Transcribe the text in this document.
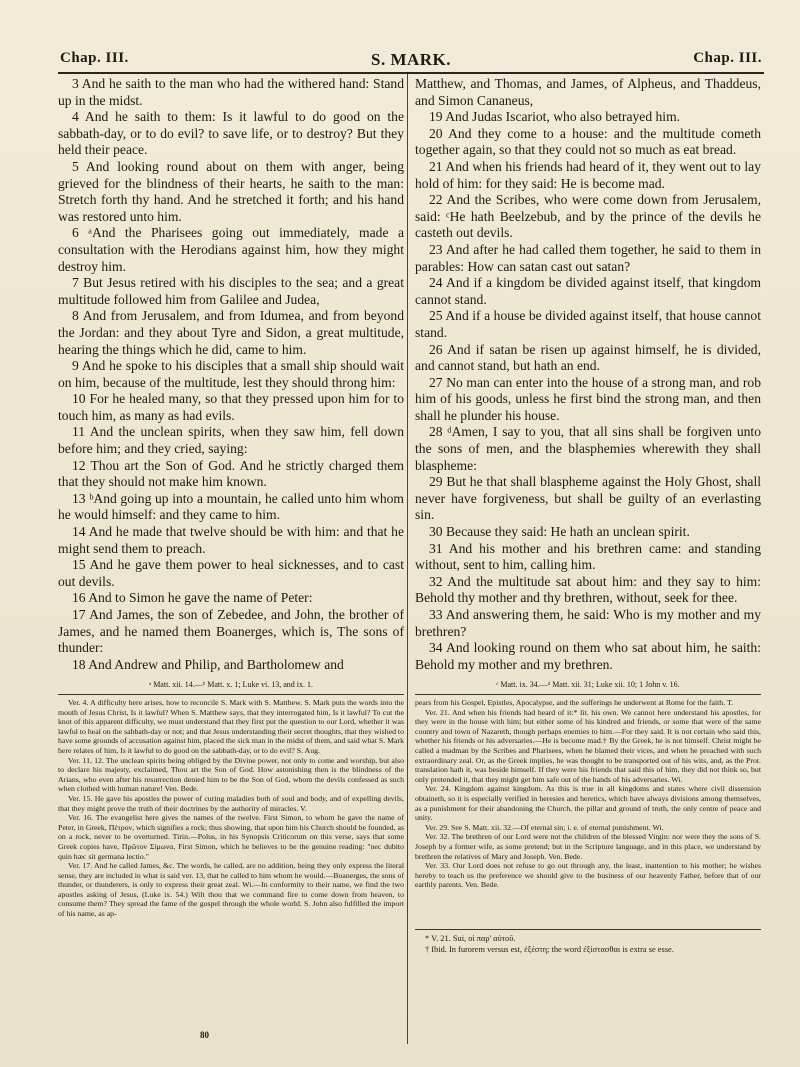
Chap. III.	S. MARK.	Chap. III.

3 And he saith to the man who had the withered hand: Stand up in the midst.

4 And he saith to them: Is it lawful to do good on the sabbath-day, or to do evil? to save life, or to destroy? But they held their peace.

5 And looking round about on them with anger, being grieved for the blindness of their hearts, he saith to the man: Stretch forth thy hand. And he stretched it forth; and his hand was restored unto him.

6 ᵃAnd the Pharisees going out immediately, made a consultation with the Herodians against him, how they might destroy him.

7 But Jesus retired with his disciples to the sea; and a great multitude followed him from Galilee and Judea,

8 And from Jerusalem, and from Idumea, and from beyond the Jordan: and they about Tyre and Sidon, a great multitude, hearing the things which he did, came to him.

9 And he spoke to his disciples that a small ship should wait on him, because of the multitude, lest they should throng him:

10 For he healed many, so that they pressed upon him for to touch him, as many as had evils.

11 And the unclean spirits, when they saw him, fell down before him; and they cried, saying:

12 Thou art the Son of God. And he strictly charged them that they should not make him known.

13 ᵇAnd going up into a mountain, he called unto him whom he would himself: and they came to him.

14 And he made that twelve should be with him: and that he might send them to preach.

15 And he gave them power to heal sicknesses, and to cast out devils.

16 And to Simon he gave the name of Peter:

17 And James, the son of Zebedee, and John, the brother of James, and he named them Boanerges, which is, The sons of thunder:

18 And Andrew and Philip, and Bartholomew and

Matthew, and Thomas, and James, of Alpheus, and Thaddeus, and Simon Cananeus,

19 And Judas Iscariot, who also betrayed him.

20 And they come to a house: and the multitude cometh together again, so that they could not so much as eat bread.

21 And when his friends had heard of it, they went out to lay hold of him: for they said: He is become mad.

22 And the Scribes, who were come down from Jerusalem, said: ᶜHe hath Beelzebub, and by the prince of the devils he casteth out devils.

23 And after he had called them together, he said to them in parables: How can satan cast out satan?

24 And if a kingdom be divided against itself, that kingdom cannot stand.

25 And if a house be divided against itself, that house cannot stand.

26 And if satan be risen up against himself, he is divided, and cannot stand, but hath an end.

27 No man can enter into the house of a strong man, and rob him of his goods, unless he first bind the strong man, and then shall he plunder his house.

28 ᵈAmen, I say to you, that all sins shall be forgiven unto the sons of men, and the blasphemies wherewith they shall blaspheme:

29 But he that shall blaspheme against the Holy Ghost, shall never have forgiveness, but shall be guilty of an everlasting sin.

30 Because they said: He hath an unclean spirit.

31 And his mother and his brethren came: and standing without, sent to him, calling him.

32 And the multitude sat about him: and they say to him: Behold thy mother and thy brethren, without, seek for thee.

33 And answering them, he said: Who is my mother and my brethren?

34 And looking round on them who sat about him, he saith: Behold my mother and my brethren.

ᵃ Matt. xii. 14.—ᵇ Matt. x. 1; Luke vi. 13, and ix. 1.	ᶜ Matt. ix. 34.—ᵈ Matt. xii. 31; Luke xii. 10; 1 John v. 16.

Ver. 4. A difficulty here arises, how to reconcile S. Mark with S. Matthew. S. Mark puts the words into the mouth of Jesus Christ, Is it lawful? When S. Matthew says, that they interrogated him, Is it lawful? To cut the knot of this apparent difficulty, we must understand that they first put the question to our Lord, whether it was lawful to heal on the sabbath-day or not; and that Jesus understanding their secret thoughts, that they wished to have some grounds of accusation against him, placed the sick man in the midst of them, and said what S. Mark here relates of him, Is it lawful to do good on the sabbath-day, or to do evil? S. Aug.

Ver. 11, 12. The unclean spirits being obliged by the Divine power, not only to come and worship, but also to declare his majesty, exclaimed, Thou art the Son of God. How astonishing then is the blindness of the Arians, who even after his resurrection denied him to be the Son of God, whom the devils confessed as such when clothed with human nature! Ven. Bede.

Ver. 15. He gave his apostles the power of curing maladies both of soul and body, and of expelling devils, that they might prove the truth of their doctrines by the authority of miracles. V.

Ver. 16. The evangelist here gives the names of the twelve. First Simon, to whom he gave the name of Peter, in Greek, Πέτρον, which signifies a rock; thus showing, that upon him his Church should be founded, as on a rock, never to be overturned. Tirin.—Polus, in his Synopsis Criticorum on this verse, says that some Greek copies have, Πρῶτον Σίμωνα, First Simon, which he believes to be the genuine reading: "nec dubito quin hæc sit germana lectio."

Ver. 17. And he called James, &c. The words, he called, are no addition, being they only express the literal sense, they are included in what is said ver. 13, that he called to him whom he would.—Boanerges, the sons of thunder, or thunderers, is only to express their great zeal. Wi.—In conformity to their name, we find the two apostles asking of Jesus, (Luke ix. 54.) Wilt thou that we command fire to come down from heaven, to consume them? They spread the fame of the gospel through the whole world. S. John also fulfilled the import of his name, as ap-

pears from his Gospel, Epistles, Apocalypse, and the sufferings he underwent at Rome for the faith. T.

Ver. 21. And when his friends had heard of it:* lit. his own. We cannot here understand his apostles, for they were in the house with him; but either some of his kindred and friends, or some that were of the same country and town of Nazareth, though perhaps enemies to him.—For they said. It is not certain who said this, whether his friends or his adversaries.—He is become mad.† By the Greek, he is not himself. Christ might be called a madman by the Scribes and Pharisees, when he blamed their vices, and when he preached with such extraordinary zeal. Or, as the Greek implies, he was thought to be transported out of his wits, and, as the Prot. translation hath it, was beside himself. If they were his friends that said this of him, they did not think so, but only pretended it, that they might get him safe out of the hands of his adversaries. Wi.

Ver. 24. Kingdom against kingdom. As this is true in all kingdoms and states where civil dissension obtaineth, so it is especially verified in heresies and heretics, which have always divisions among themselves, as a punishment for their abandoning the Church, the pillar and ground of truth, the only centre of peace and unity.

Ver. 29. See S. Matt. xii. 32.—Of eternal sin; i. e. of eternal punishment. Wi.

Ver. 32. The brethren of our Lord were not the children of the blessed Virgin: nor were they the sons of S. Joseph by a former wife, as some pretend; but in the Scripture language, and in this place, we understand by brethren the relatives of Mary and Joseph. Ven. Bede.

Ver. 33. Our Lord does not refuse to go out through any, the least, inattention to his mother; he wishes hereby to teach us the preference we should give to the business of our heavenly Father, before that of our earthly parents. Ven. Bede.

* V. 21. Sui, οἱ παρ' αὐτοῦ.

† Ibid. In furorem versus est, ἐξέστη; the word ἐξίστασθαι is extra se esse.

80
